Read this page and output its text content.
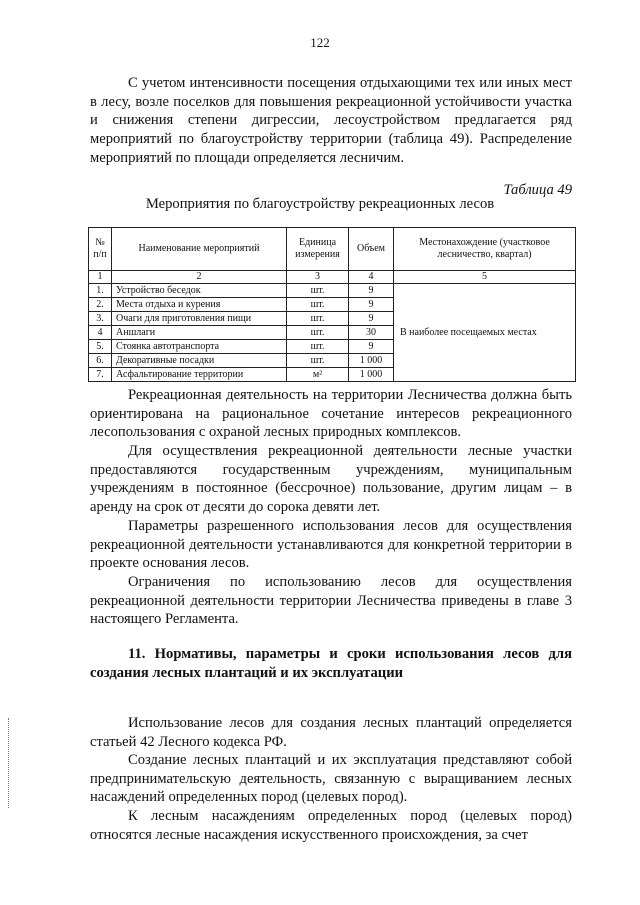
122

С учетом интенсивности посещения отдыхающими тех или иных мест в лесу, возле поселков для повышения рекреационной устойчивости участка и снижения степени дигрессии, лесоустройством предлагается ряд мероприятий по благоустройству территории (таблица 49). Распределение мероприятий по площади определяется лесничим.

Таблица 49
Мероприятия по благоустройству рекреационных лесов
№ п/п	Наименование мероприятий	Единица измерения	Объем	Местонахождение (участковое лесничество, квартал)
1	2	3	4	5
1.	Устройство беседок	шт.	9	В наиболее посещаемых местах
2.	Места отдыха и курения	шт.	9	
3.	Очаги для приготовления пищи	шт.	9	
4	Аншлаги	шт.	30	
5.	Стоянка автотранспорта	шт.	9	
6.	Декоративные посадки	шт.	1 000	
7.	Асфальтирование территории	м²	1 000	

Рекреационная деятельность на территории Лесничества должна быть ориентирована на рациональное сочетание интересов рекреационного лесопользования с охраной лесных природных комплексов.

Для осуществления рекреационной деятельности лесные участки предоставляются государственным учреждениям, муниципальным учреждениям в постоянное (бессрочное) пользование, другим лицам – в аренду на срок от десяти до сорока девяти лет.

Параметры разрешенного использования лесов для осуществления рекреационной деятельности устанавливаются для конкретной территории в проекте основания лесов.

Ограничения по использованию лесов для осуществления рекреационной деятельности территории Лесничества приведены в главе 3 настоящего Регламента.

11. Нормативы, параметры и сроки использования лесов для создания лесных плантаций и их эксплуатации

Использование лесов для создания лесных плантаций определяется статьей 42 Лесного кодекса РФ.

Создание лесных плантаций и их эксплуатация представляют собой предпринимательскую деятельность, связанную с выращиванием лесных насаждений определенных пород (целевых пород).

К лесным насаждениям определенных пород (целевых пород) относятся лесные насаждения искусственного происхождения, за счет
